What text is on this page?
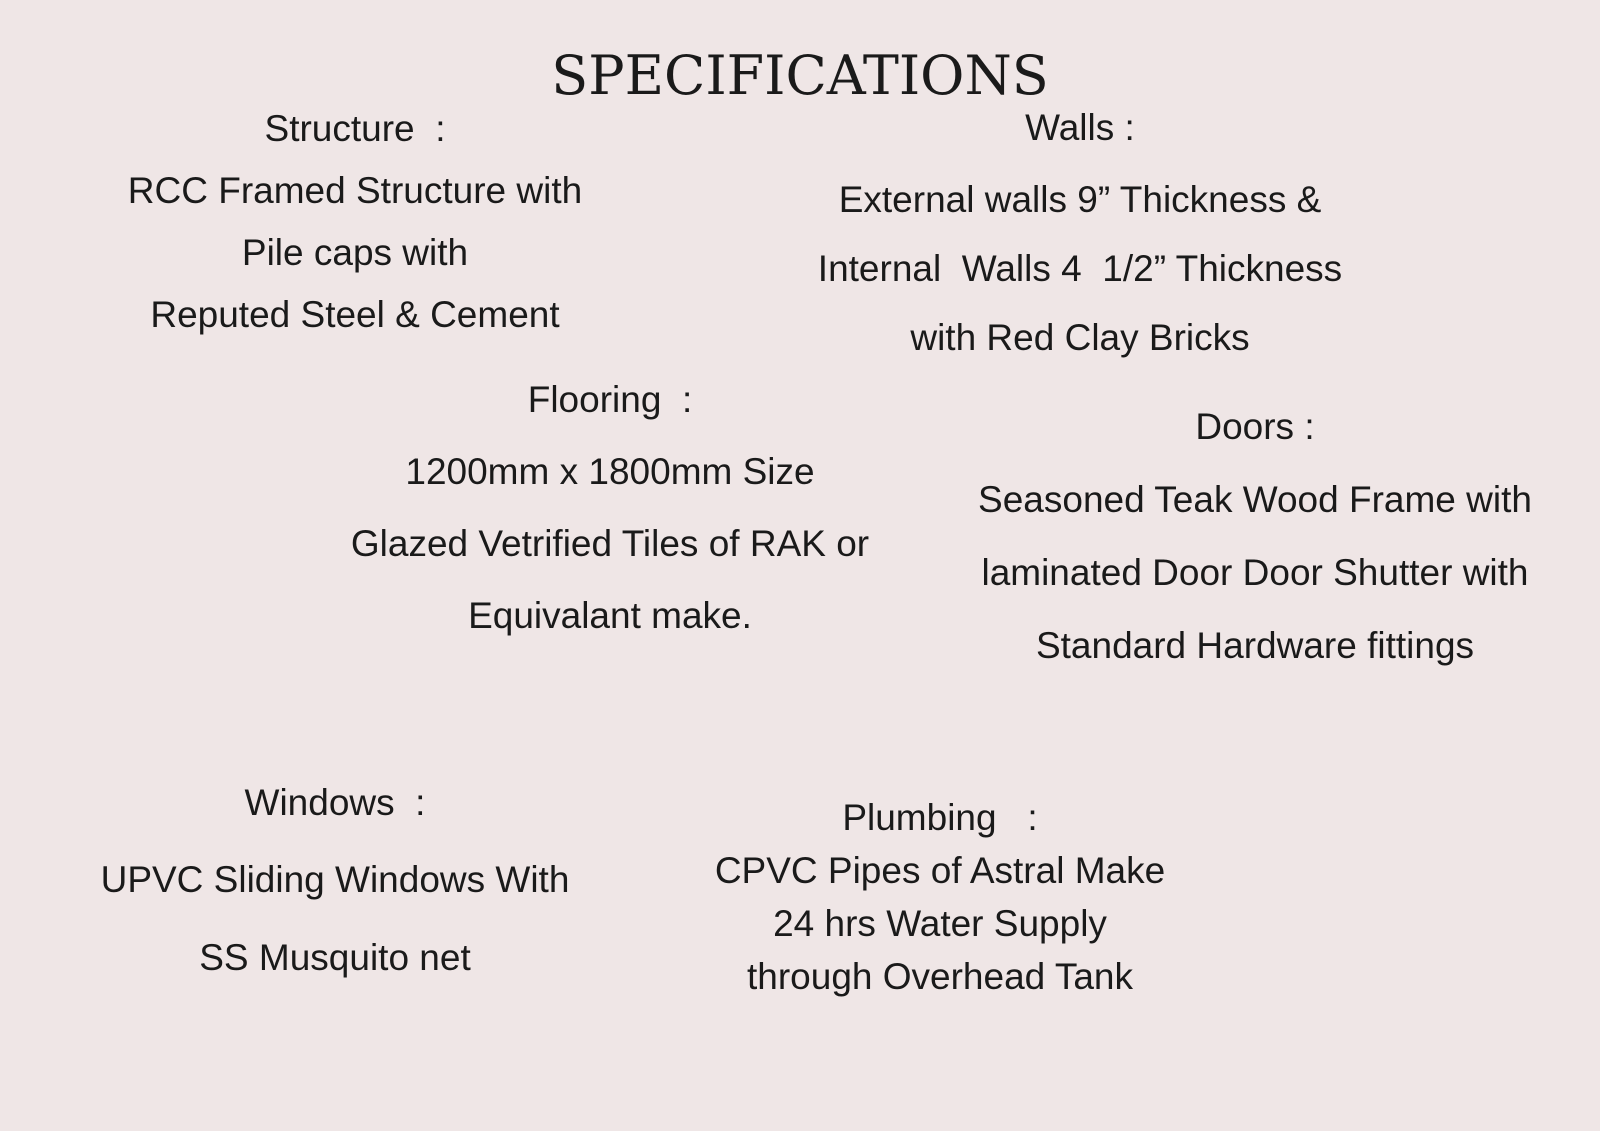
SPECIFICATIONS
Structure  :
RCC Framed Structure with
Pile caps with
Reputed Steel & Cement
Walls :
External walls 9” Thickness &
Internal  Walls 4  1/2” Thickness
with Red Clay Bricks
Flooring  :
1200mm x 1800mm Size
Glazed Vetrified Tiles of RAK or
Equivalant make.
Doors :
Seasoned Teak Wood Frame with
laminated Door Door Shutter with
Standard Hardware fittings
Windows  :
UPVC Sliding Windows With
SS Musquito net
Plumbing   :
CPVC Pipes of Astral Make
24 hrs Water Supply
through Overhead Tank
